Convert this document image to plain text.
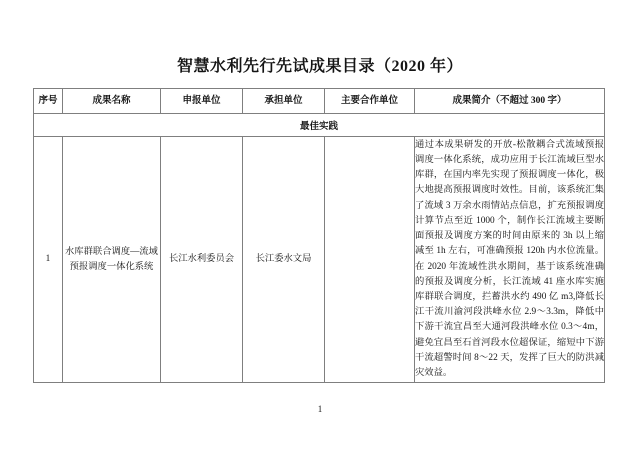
智慧水利先行先试成果目录（2020 年）
序号	成果名称	申报单位	承担单位	主要合作单位	成果简介（不超过 300 字）
最佳实践					
1	水库群联合调度—流域预报调度一体化系统	长江水利委员会	长江委水文局		通过本成果研发的开放-松散耦合式流域预报调度一体化系统，成功应用于长江流域巨型水库群，在国内率先实现了预报调度一体化，极大地提高预报调度时效性。目前，该系统汇集了流域 3 万余水雨情站点信息，扩充预报调度计算节点至近 1000 个，制作长江流域主要断面预报及调度方案的时间由原来的 3h 以上缩减至 1h 左右，可准确预报 120h 内水位流量。在 2020 年流域性洪水期间，基于该系统准确的预报及调度分析，长江流域 41 座水库实施库群联合调度，拦蓄洪水约 490 亿 m3,降低长江干流川渝河段洪峰水位 2.9～3.3m，降低中下游干流宜昌至大通河段洪峰水位 0.3～4m，避免宜昌至石首河段水位超保证，缩短中下游干流超警时间 8～22 天，发挥了巨大的防洪减灾效益。
1
